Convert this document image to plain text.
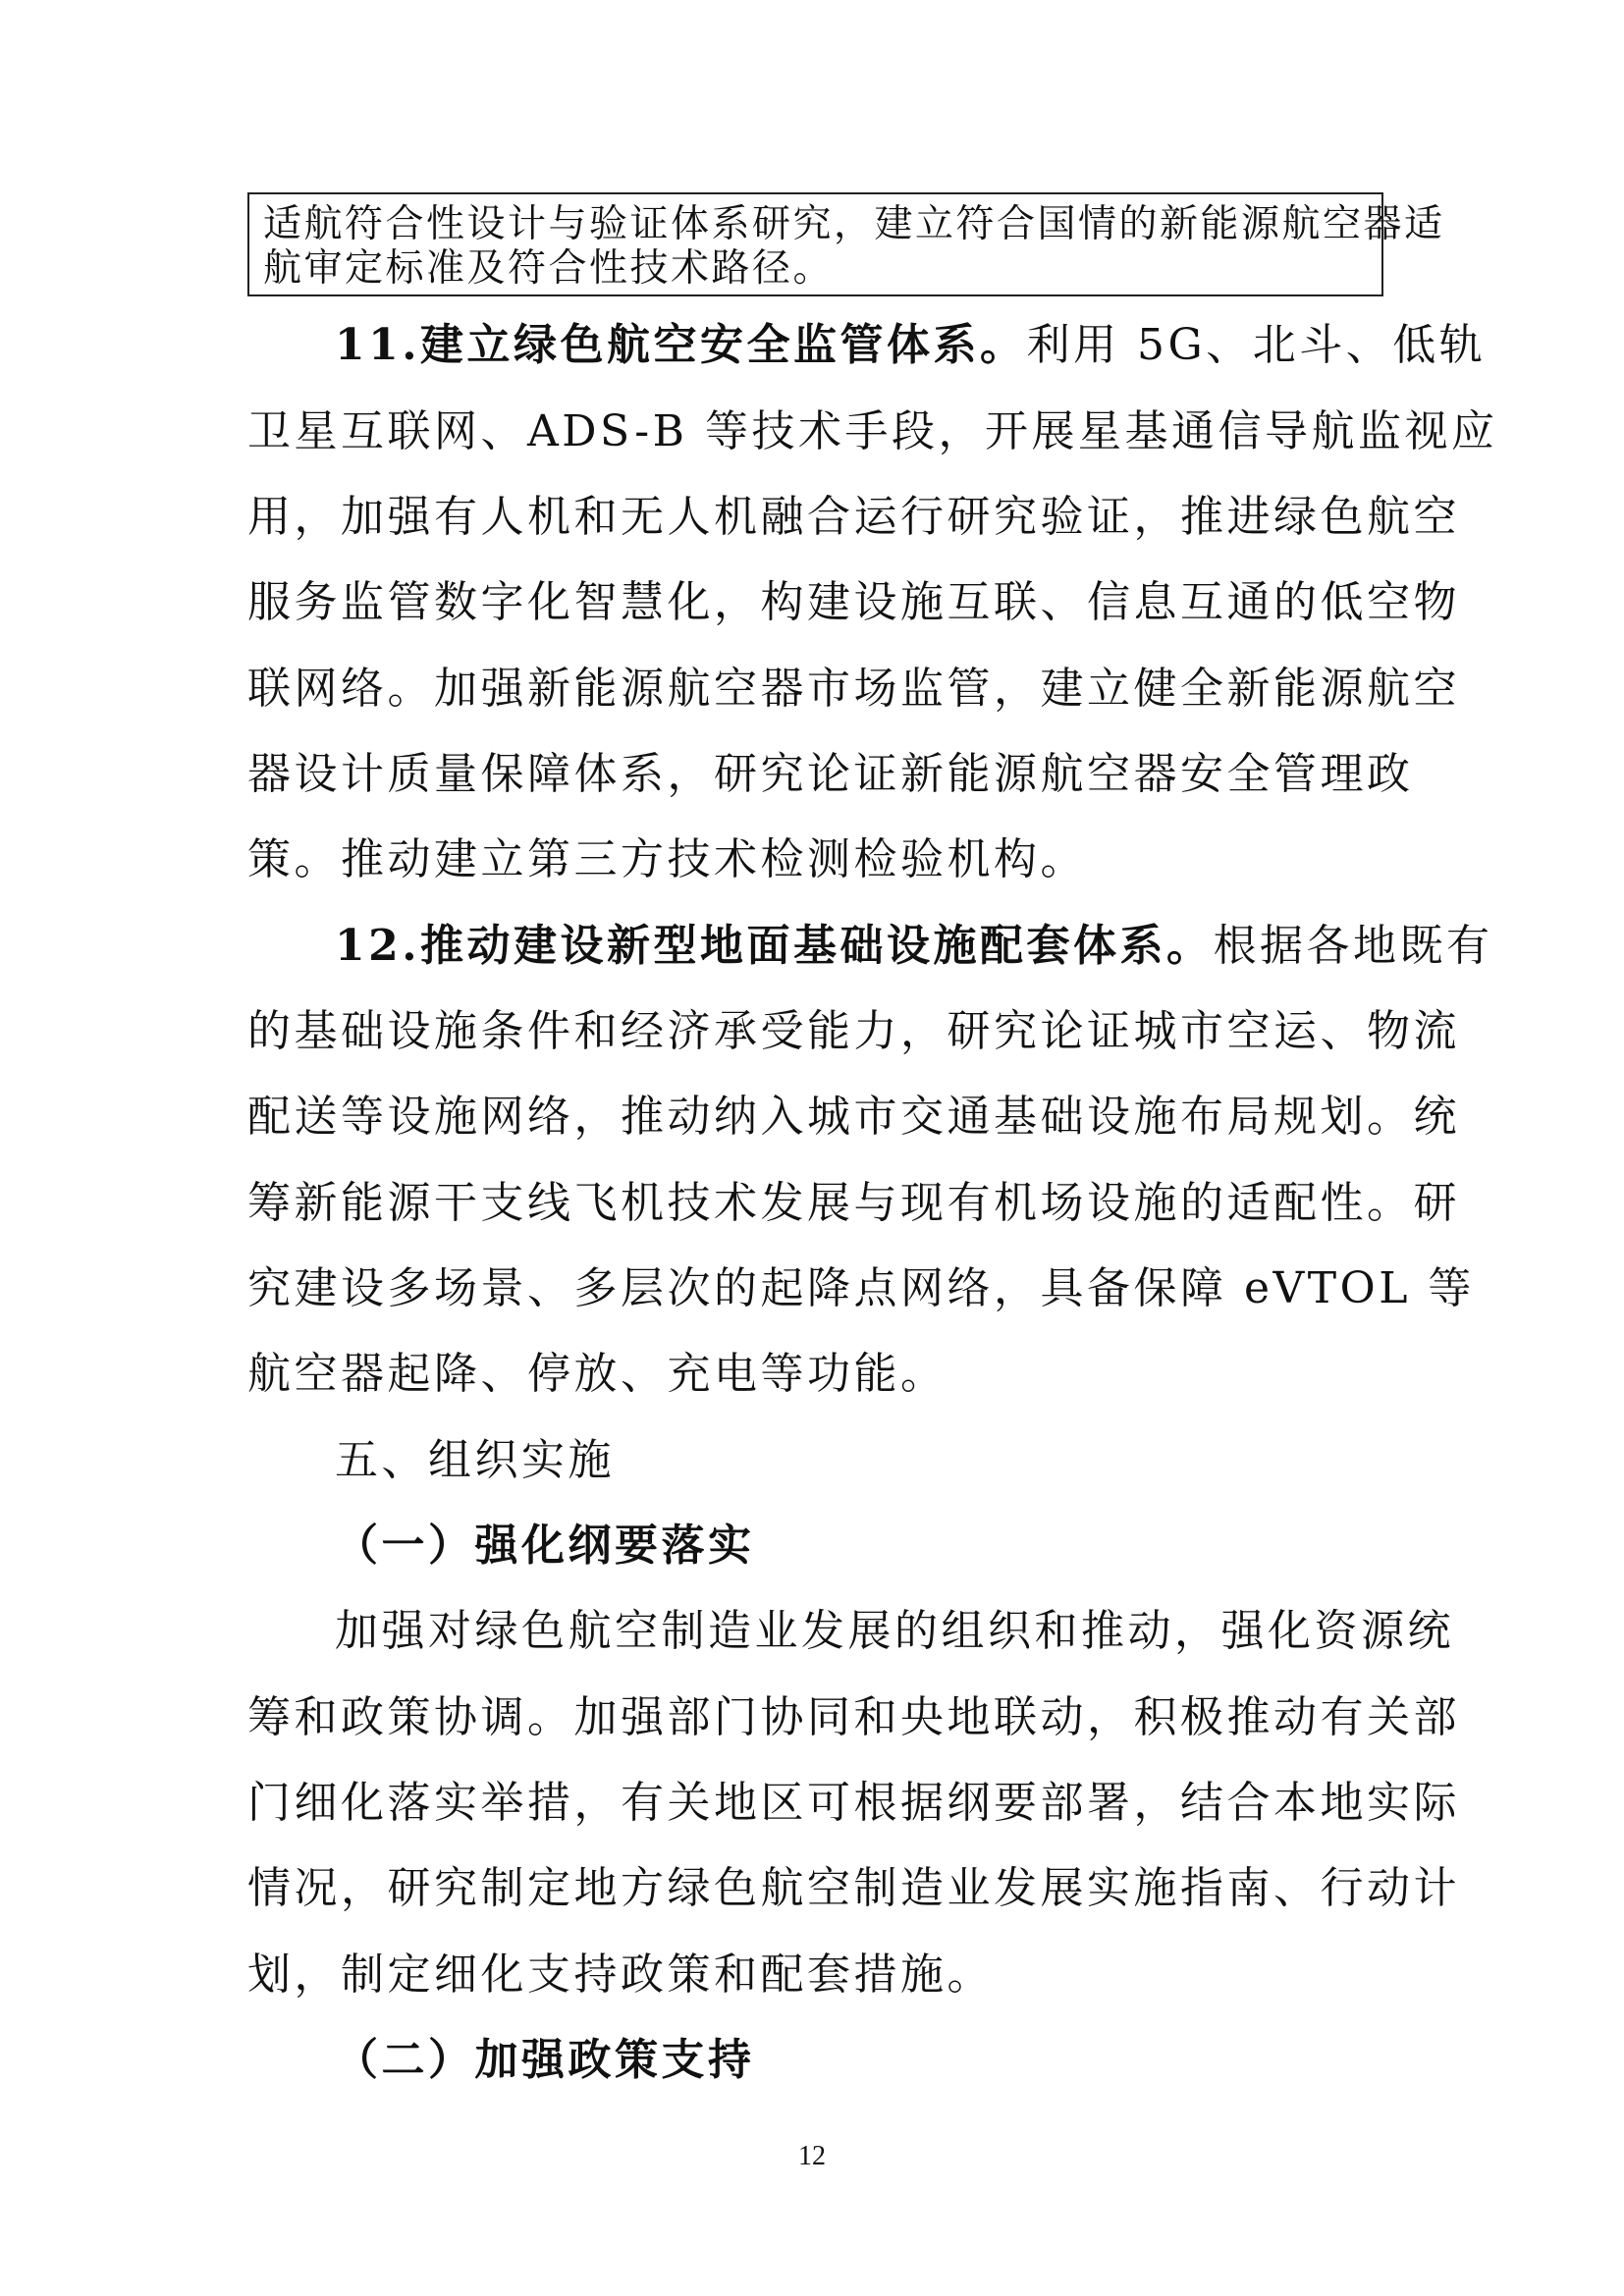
适航符合性设计与验证体系研究，建立符合国情的新能源航空器适

航审定标准及符合性技术路径。

11.建立绿色航空安全监管体系。利用 5G、北斗、低轨
卫星互联网、ADS-B 等技术手段，开展星基通信导航监视应
用，加强有人机和无人机融合运行研究验证，推进绿色航空
服务监管数字化智慧化，构建设施互联、信息互通的低空物
联网络。加强新能源航空器市场监管，建立健全新能源航空
器设计质量保障体系，研究论证新能源航空器安全管理政
策。推动建立第三方技术检测检验机构。
12.推动建设新型地面基础设施配套体系。根据各地既有
的基础设施条件和经济承受能力，研究论证城市空运、物流
配送等设施网络，推动纳入城市交通基础设施布局规划。统
筹新能源干支线飞机技术发展与现有机场设施的适配性。研
究建设多场景、多层次的起降点网络，具备保障 eVTOL 等
航空器起降、停放、充电等功能。
五、组织实施
（一）强化纲要落实
加强对绿色航空制造业发展的组织和推动，强化资源统
筹和政策协调。加强部门协同和央地联动，积极推动有关部
门细化落实举措，有关地区可根据纲要部署，结合本地实际
情况，研究制定地方绿色航空制造业发展实施指南、行动计
划，制定细化支持政策和配套措施。
（二）加强政策支持
12
